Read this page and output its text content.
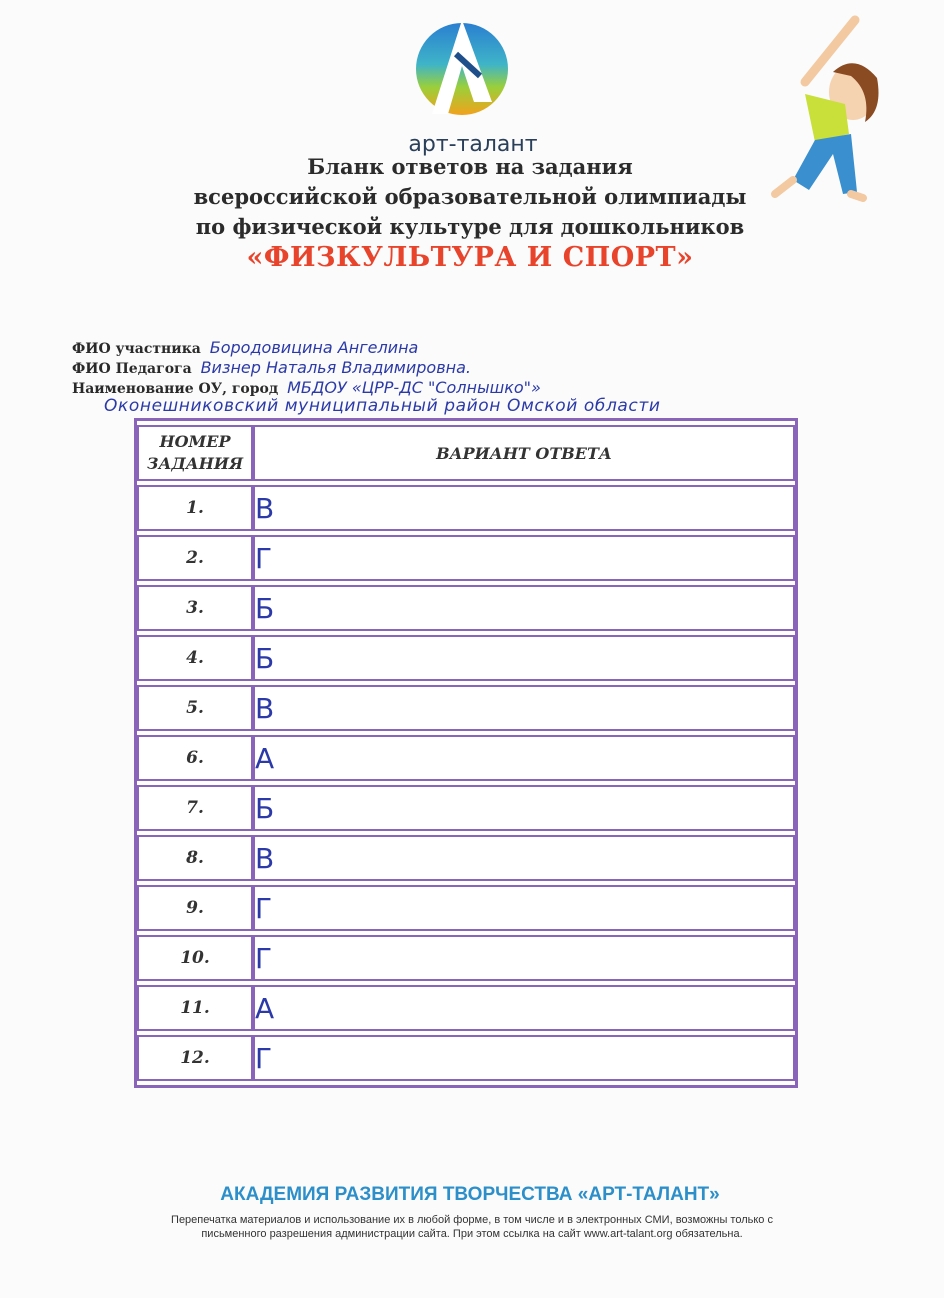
арт-талант
Бланк ответов на задания
всероссийской образовательной олимпиады
по физической культуре для дошкольников
«ФИЗКУЛЬТУРА И СПОРТ»
ФИО участника Бородовицина Ангелина
ФИО Педагога Визнер Наталья Владимировна.
Наименование ОУ, город МБДОУ «ЦРР-ДС "Солнышко"»
Оконешниковский муниципальный район Омской области
НОМЕР
ЗАДАНИЯ	ВАРИАНТ ОТВЕТА
1.	В
2.	Г
3.	Б
4.	Б
5.	В
6.	А
7.	Б
8.	В
9.	Г
10.	Г
11.	А
12.	Г
АКАДЕМИЯ РАЗВИТИЯ ТВОРЧЕСТВА «АРТ-ТАЛАНТ»
Перепечатка материалов и использование их в любой форме, в том числе и в электронных СМИ, возможны только с
письменного разрешения администрации сайта. При этом ссылка на сайт www.art-talant.org обязательна.
